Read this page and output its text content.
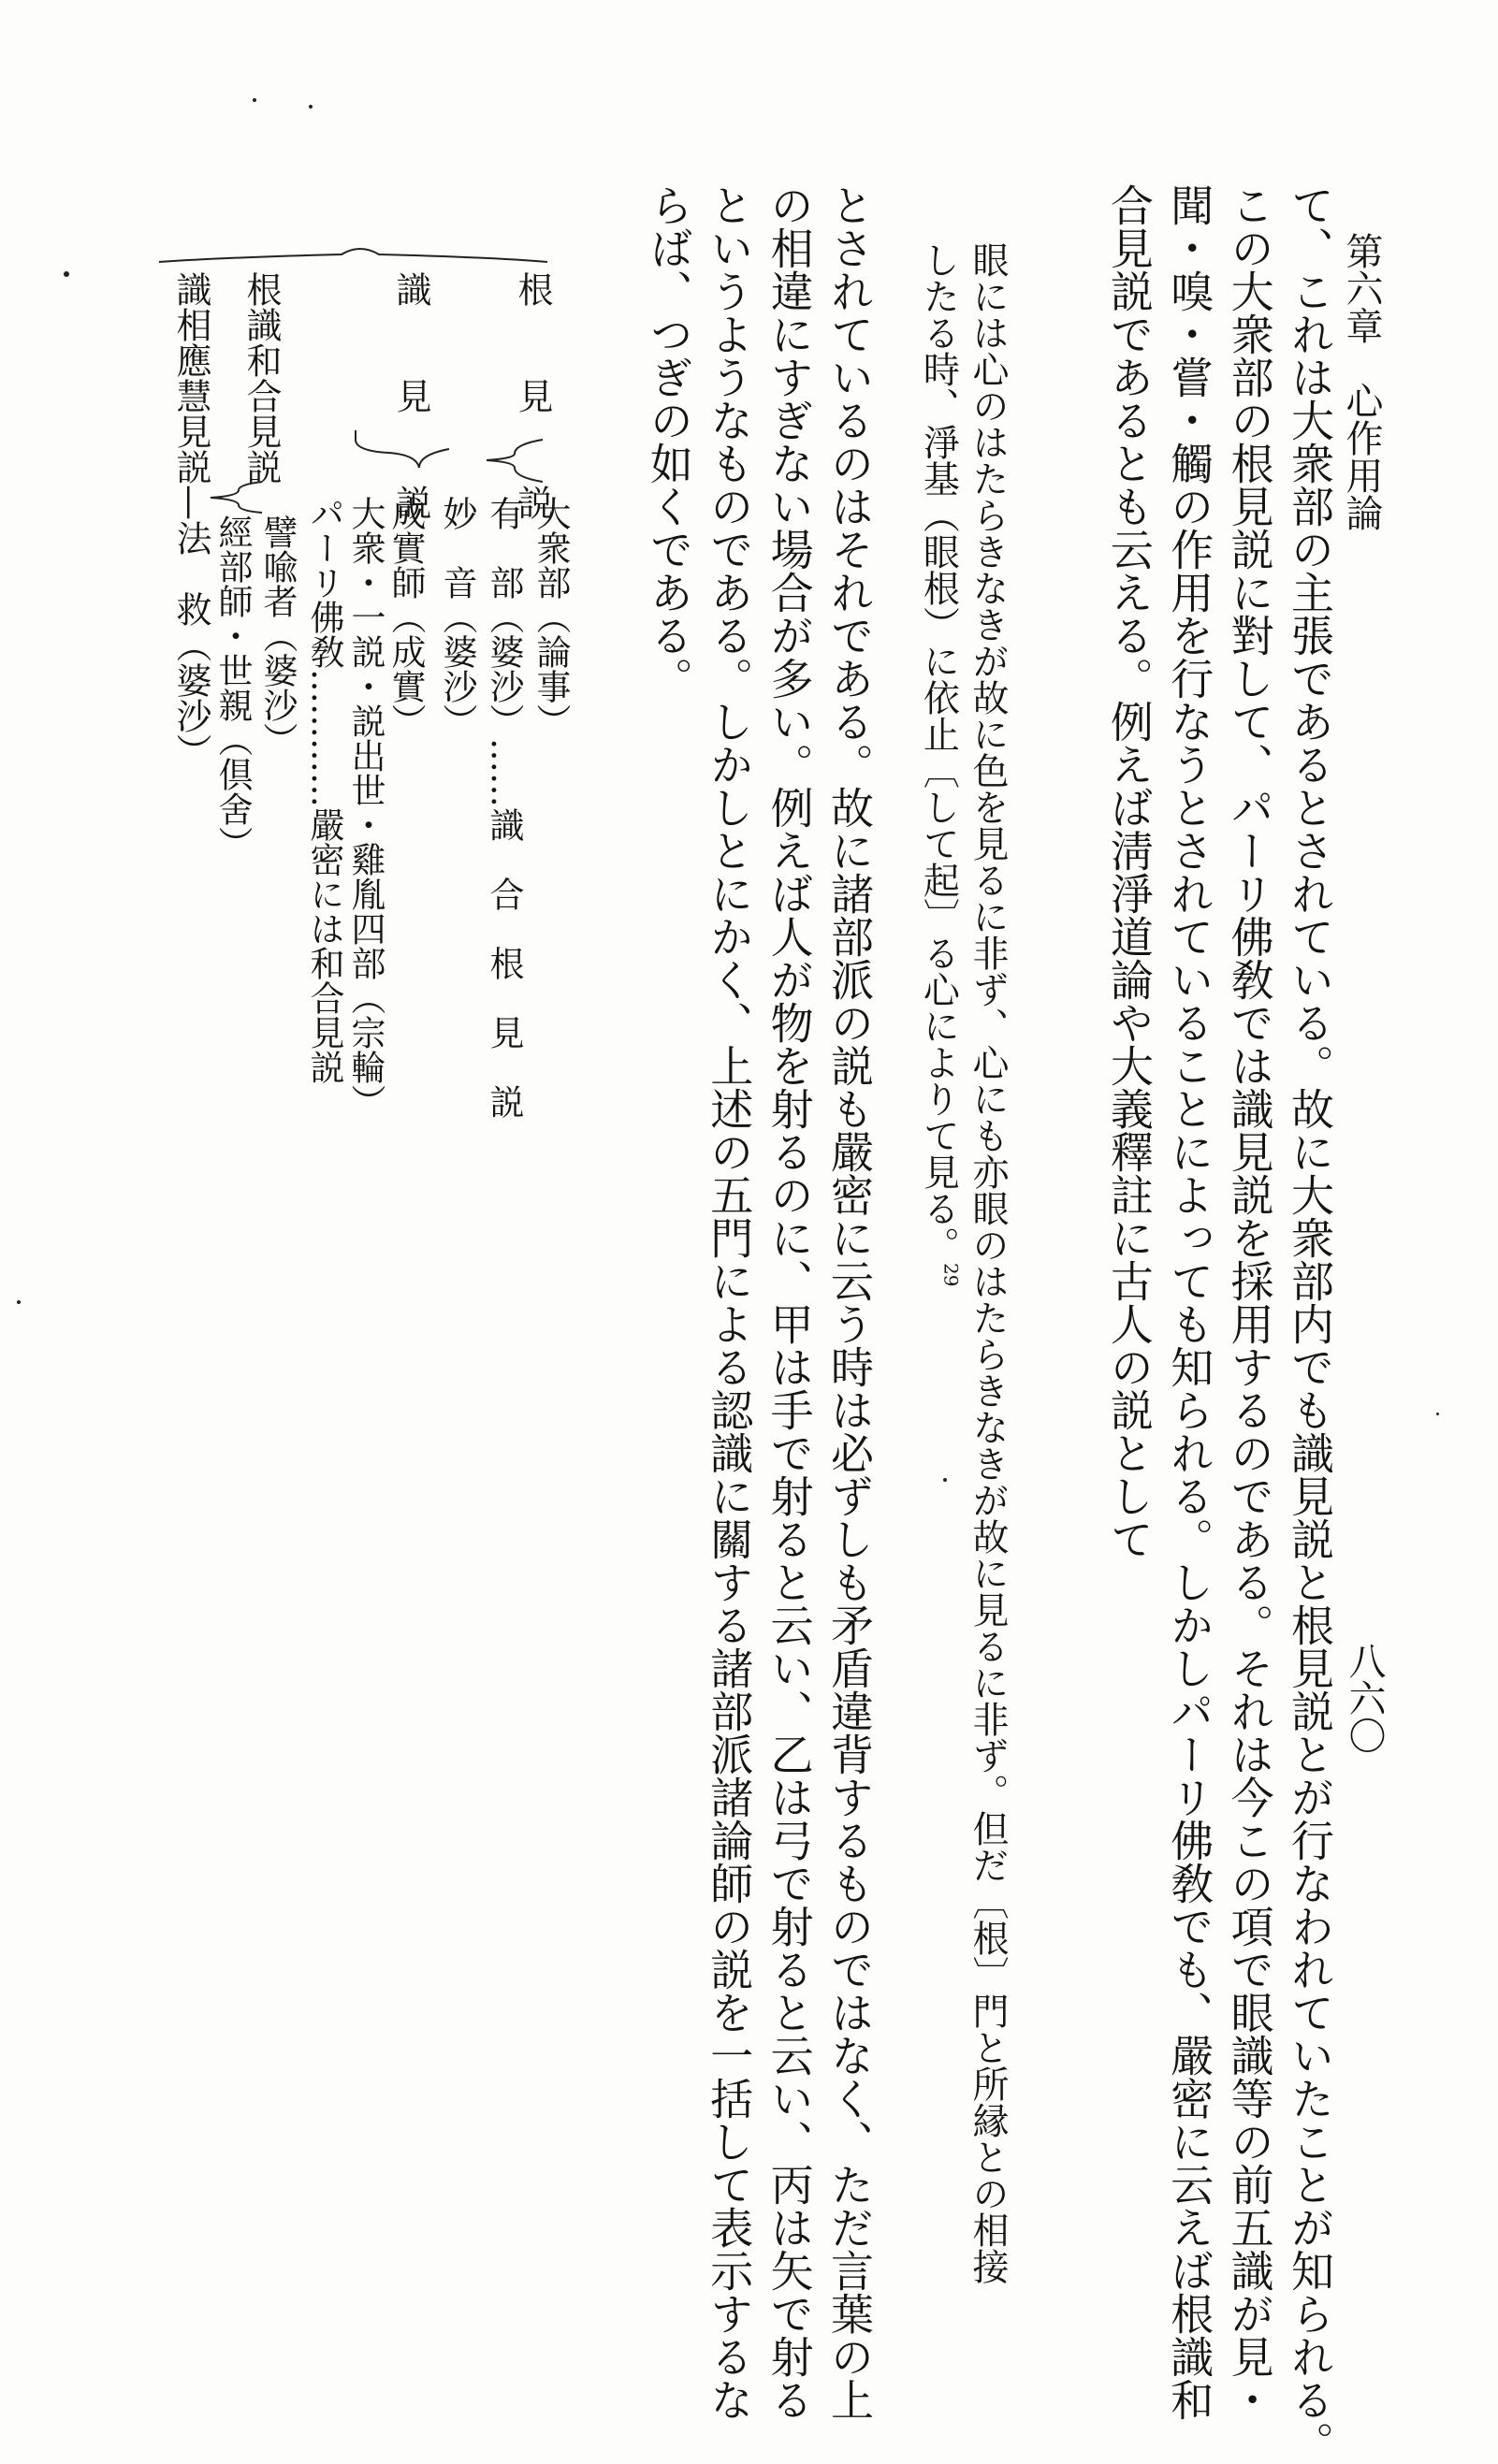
第六章　心作用論
八六〇

て、これは大衆部の主張であるとされている。故に大衆部内でも識見説と根見説とが行なわれていたことが知られる。

この大衆部の根見説に對して、パーリ佛敎では識見説を採用するのである。それは今この項で眼識等の前五識が見・

聞・嗅・嘗・觸の作用を行なうとされていることによっても知られる。しかしパーリ佛敎でも、嚴密に云えば根識和

合見説であるとも云える。例えば淸淨道論や大義釋註に古人の説として

眼には心のはたらきなきが故に色を見るに非ず、心にも亦眼のはたらきなきが故に見るに非ず。但だ〔根〕門と所縁との相接

したる時、淨基（眼根）に依止〔して起〕る心によりて見る。$^{29}$

とされているのはそれである。故に諸部派の説も嚴密に云う時は必ずしも矛盾違背するものではなく、ただ言葉の上

の相違にすぎない場合が多い。例えば人が物を射るのに、甲は手で射ると云い、乙は弓で射ると云い、丙は矢で射る

というようなものである。しかしとにかく、上述の五門による認識に關する諸部派諸論師の説を一括して表示するな

らば、つぎの如くである。

根　　見　　説
大衆部（論事）
有　部（婆沙）……識　合　根　見　説
妙　音（婆沙）
識　　見　　説
成實師（成實）
大衆・一説・説出世・雞胤四部（宗輪）
パーリ佛敎…………嚴密には和合見説
根識和合見説
譬喩者（婆沙）
經部師・世親（倶舍）
識相應慧見説—法　救（婆沙）
